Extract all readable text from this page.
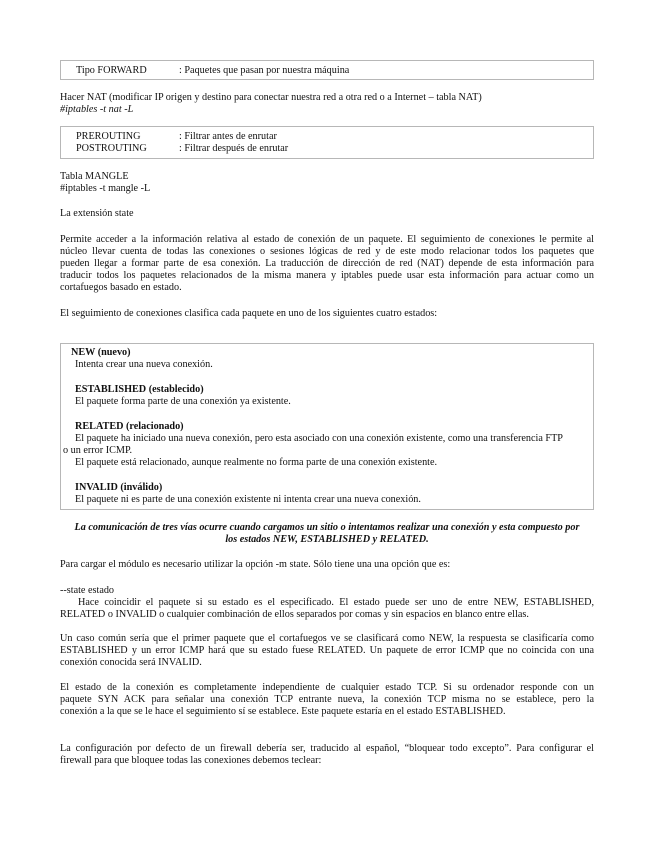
Tipo FORWARD	: Paquetes que pasan por nuestra máquina

Hacer NAT (modificar IP origen y destino para conectar nuestra red a otra red o a Internet – tabla NAT)

#iptables -t nat -L

PREROUTING	: Filtrar antes de enrutar
POSTROUTING	: Filtrar después de enrutar

Tabla MANGLE

#iptables -t mangle -L

La extensión state

Permite acceder a la información relativa al estado de conexión de un paquete. El seguimiento de conexiones le permite al
núcleo llevar cuenta de todas las conexiones o sesiones lógicas de red y de este modo relacionar todos los paquetes que
pueden llegar a formar parte de esa conexión. La traducción de dirección de red (NAT) depende de esta información para
traducir todos los paquetes relacionados de la misma manera y iptables puede usar esta información para actuar como un
cortafuegos basado en estado.

El seguimiento de conexiones clasifica cada paquete en uno de los siguientes cuatro estados:

NEW (nuevo)
Intenta crear una nueva conexión.
ESTABLISHED (establecido)
El paquete forma parte de una conexión ya existente.
RELATED (relacionado)
El paquete ha iniciado una nueva conexión, pero esta asociado con una conexión existente, como una transferencia FTP
o un error ICMP.
El paquete está relacionado, aunque realmente no forma parte de una conexión existente.
INVALID (inválido)
El paquete ni es parte de una conexión existente ni intenta crear una nueva conexión.
La comunicación de tres vías ocurre cuando cargamos un sitio o intentamos realizar una conexión y esta compuesto por
los estados NEW, ESTABLISHED y RELATED.

Para cargar el módulo es necesario utilizar la opción -m state. Sólo tiene una una opción que es:

--state estado

Hace coincidir el paquete si su estado es el especificado. El estado puede ser uno de entre NEW, ESTABLISHED,
RELATED o INVALID o cualquier combinación de ellos separados por comas y sin espacios en blanco entre ellas.
Un caso común sería que el primer paquete que el cortafuegos ve se clasificará como NEW, la respuesta se clasificaría como
ESTABLISHED y un error ICMP hará que su estado fuese RELATED. Un paquete de error ICMP que no coincida con una
conexión conocida será INVALID.
El estado de la conexión es completamente independiente de cualquier estado TCP. Si su ordenador responde con un
paquete SYN ACK para señalar una conexión TCP entrante nueva, la conexión TCP misma no se establece, pero la
conexión a la que se le hace el seguimiento sí se establece. Este paquete estaría en el estado ESTABLISHED.
La configuración por defecto de un firewall debería ser, traducido al español, “bloquear todo excepto”. Para configurar el
firewall para que bloquee todas las conexiones debemos teclear:
